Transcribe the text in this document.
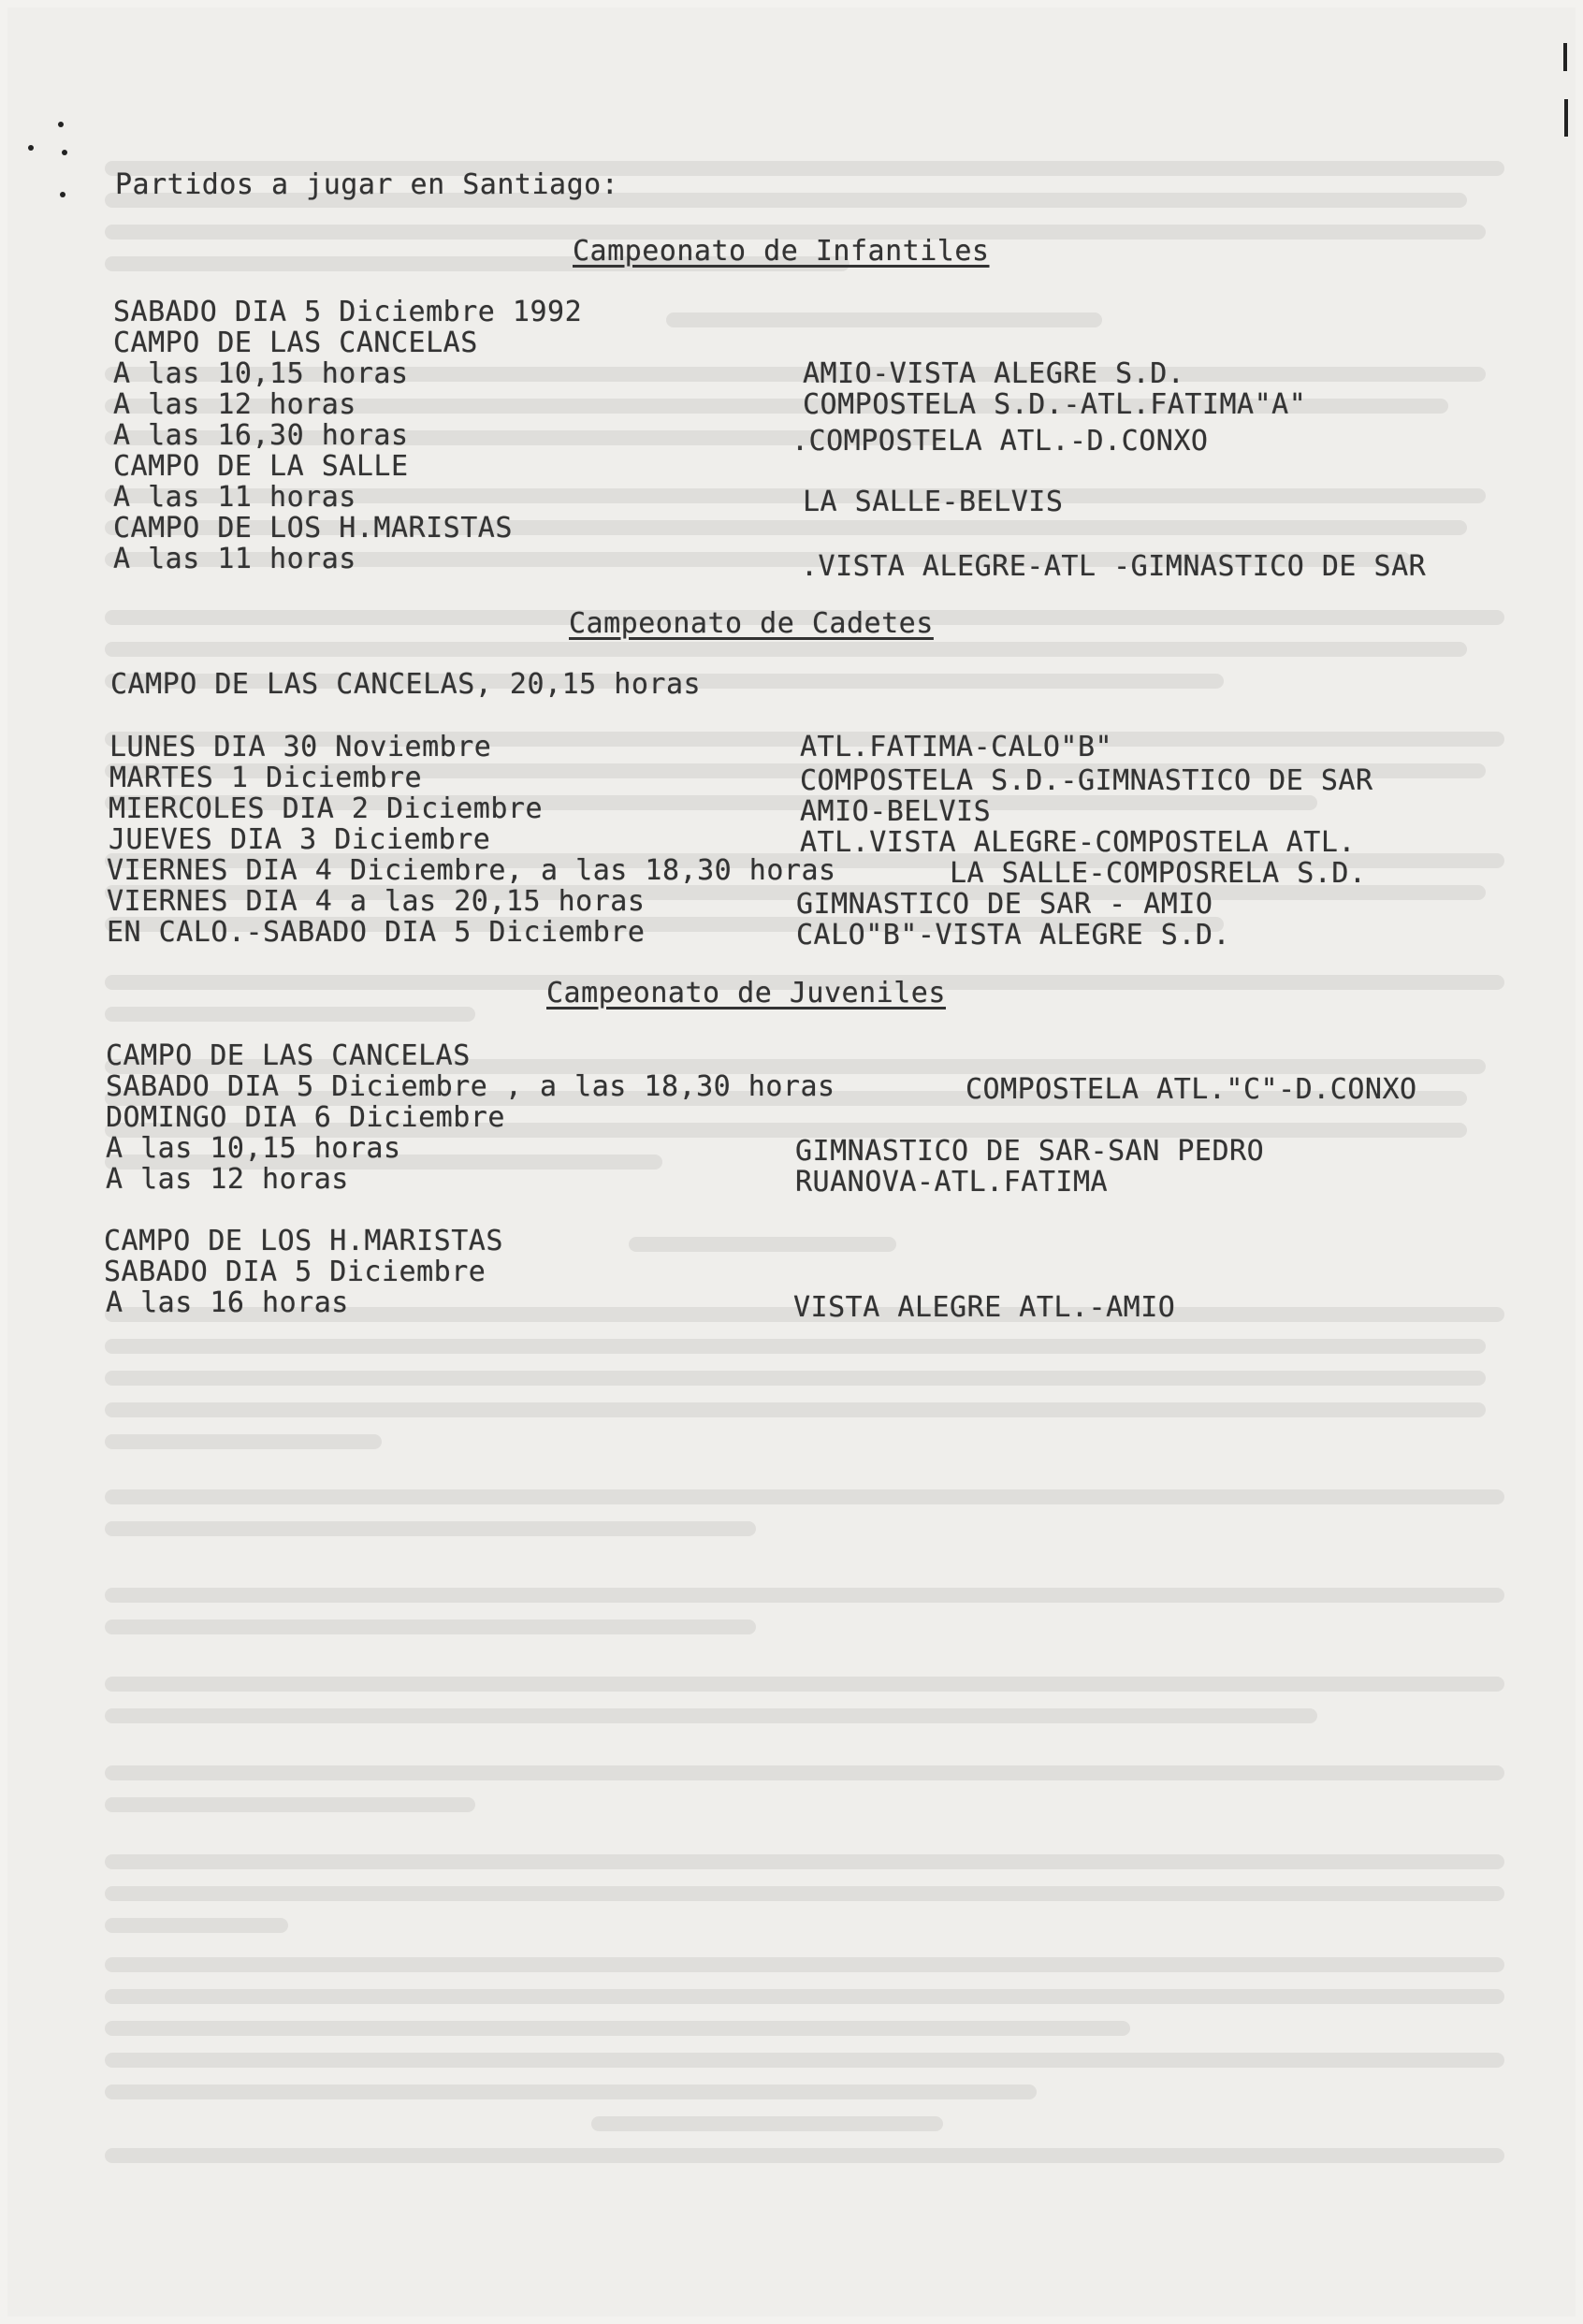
Partidos a jugar en Santiago:
Campeonato de Infantiles
SABADO DIA 5 Diciembre 1992
CAMPO DE LAS CANCELAS
A las 10,15 horas	AMIO-VISTA ALEGRE S.D.
A las 12 horas	COMPOSTELA S.D.-ATL.FATIMA"A"
A las 16,30 horas	.COMPOSTELA ATL.-D.CONXO
CAMPO DE LA SALLE
A las 11 horas	LA SALLE-BELVIS
CAMPO DE LOS H.MARISTAS
A las 11 horas	.VISTA ALEGRE-ATL -GIMNASTICO DE SAR
Campeonato de Cadetes
CAMPO DE LAS CANCELAS, 20,15 horas
LUNES DIA 30 Noviembre	ATL.FATIMA-CALO"B"
MARTES 1 Diciembre	COMPOSTELA S.D.-GIMNASTICO DE SAR
MIERCOLES DIA 2 Diciembre	AMIO-BELVIS
JUEVES DIA 3 Diciembre	ATL.VISTA ALEGRE-COMPOSTELA ATL.
VIERNES DIA 4 Diciembre, a las 18,30 horas	LA SALLE-COMPOSRELA S.D.
VIERNES DIA 4 a las 20,15 horas	GIMNASTICO DE SAR - AMIO
EN CALO.-SABADO DIA 5 Diciembre	CALO"B"-VISTA ALEGRE S.D.
Campeonato de Juveniles
CAMPO DE LAS CANCELAS
SABADO DIA 5 Diciembre , a las 18,30 horas	COMPOSTELA ATL."C"-D.CONXO
DOMINGO DIA 6 Diciembre
A las 10,15 horas	GIMNASTICO DE SAR-SAN PEDRO
A las 12 horas	RUANOVA-ATL.FATIMA
CAMPO DE LOS H.MARISTAS
SABADO DIA 5 Diciembre
A las 16 horas	VISTA ALEGRE ATL.-AMIO
